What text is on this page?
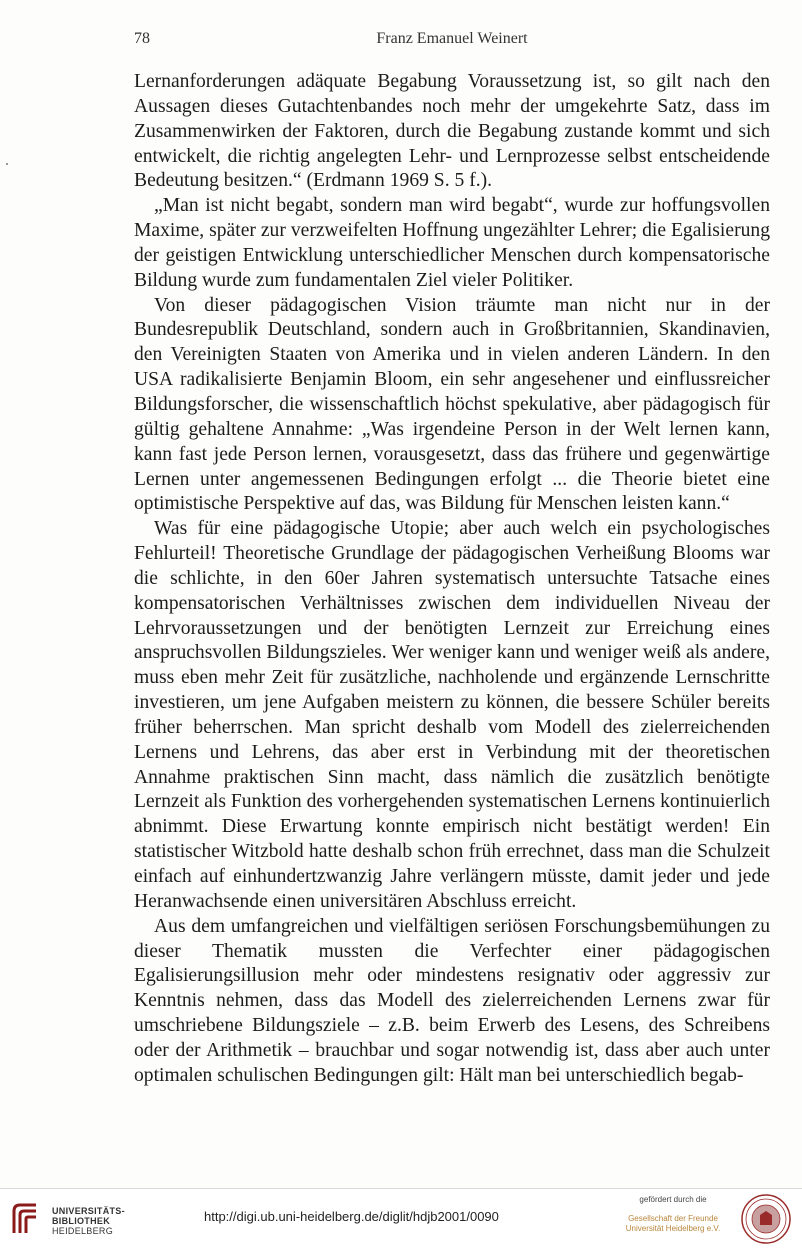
78	Franz Emanuel Weinert

Lernanforderungen adäquate Begabung Voraussetzung ist, so gilt nach den Aussagen dieses Gutachtenbandes noch mehr der umgekehrte Satz, dass im Zusammenwirken der Faktoren, durch die Begabung zustande kommt und sich entwickelt, die richtig angelegten Lehr- und Lernprozesse selbst entscheidende Bedeutung besitzen.“ (Erdmann 1969 S. 5 f.).

„Man ist nicht begabt, sondern man wird begabt“, wurde zur hoffungsvollen Maxime, später zur verzweifelten Hoffnung ungezählter Lehrer; die Egalisierung der geistigen Entwicklung unterschiedlicher Menschen durch kompensatorische Bildung wurde zum fundamentalen Ziel vieler Politiker.

Von dieser pädagogischen Vision träumte man nicht nur in der Bundesrepublik Deutschland, sondern auch in Großbritannien, Skandinavien, den Vereinigten Staaten von Amerika und in vielen anderen Ländern. In den USA radikalisierte Benjamin Bloom, ein sehr angesehener und einflussreicher Bildungsforscher, die wissenschaftlich höchst spekulative, aber pädagogisch für gültig gehaltene Annahme: „Was irgendeine Person in der Welt lernen kann, kann fast jede Person lernen, vorausgesetzt, dass das frühere und gegenwärtige Lernen unter angemessenen Bedingungen erfolgt ... die Theorie bietet eine optimistische Perspektive auf das, was Bildung für Menschen leisten kann.“

Was für eine pädagogische Utopie; aber auch welch ein psychologisches Fehlurteil! Theoretische Grundlage der pädagogischen Verheißung Blooms war die schlichte, in den 60er Jahren systematisch untersuchte Tatsache eines kompensatorischen Verhältnisses zwischen dem individuellen Niveau der Lehrvoraussetzungen und der benötigten Lernzeit zur Erreichung eines anspruchsvollen Bildungszieles. Wer weniger kann und weniger weiß als andere, muss eben mehr Zeit für zusätzliche, nachholende und ergänzende Lernschritte investieren, um jene Aufgaben meistern zu können, die bessere Schüler bereits früher beherrschen. Man spricht deshalb vom Modell des zielerreichenden Lernens und Lehrens, das aber erst in Verbindung mit der theoretischen Annahme praktischen Sinn macht, dass nämlich die zusätzlich benötigte Lernzeit als Funktion des vorhergehenden systematischen Lernens kontinuierlich abnimmt. Diese Erwartung konnte empirisch nicht bestätigt werden! Ein statistischer Witzbold hatte deshalb schon früh errechnet, dass man die Schulzeit einfach auf einhundertzwanzig Jahre verlängern müsste, damit jeder und jede Heranwachsende einen universitären Abschluss erreicht.

Aus dem umfangreichen und vielfältigen seriösen Forschungsbemühungen zu dieser Thematik mussten die Verfechter einer pädagogischen Egalisierungsillusion mehr oder mindestens resignativ oder aggressiv zur Kenntnis nehmen, dass das Modell des zielerreichenden Lernens zwar für umschriebene Bildungsziele – z.B. beim Erwerb des Lesens, des Schreibens oder der Arithmetik – brauchbar und sogar notwendig ist, dass aber auch unter optimalen schulischen Bedingungen gilt: Hält man bei unterschiedlich begab-

UNIVERSITÄTS-
BIBLIOTHEK
HEIDELBERG
http://digi.ub.uni-heidelberg.de/diglit/hdjb2001/0090
gefördert durch die
Gesellschaft der Freunde
Universität Heidelberg e.V.
